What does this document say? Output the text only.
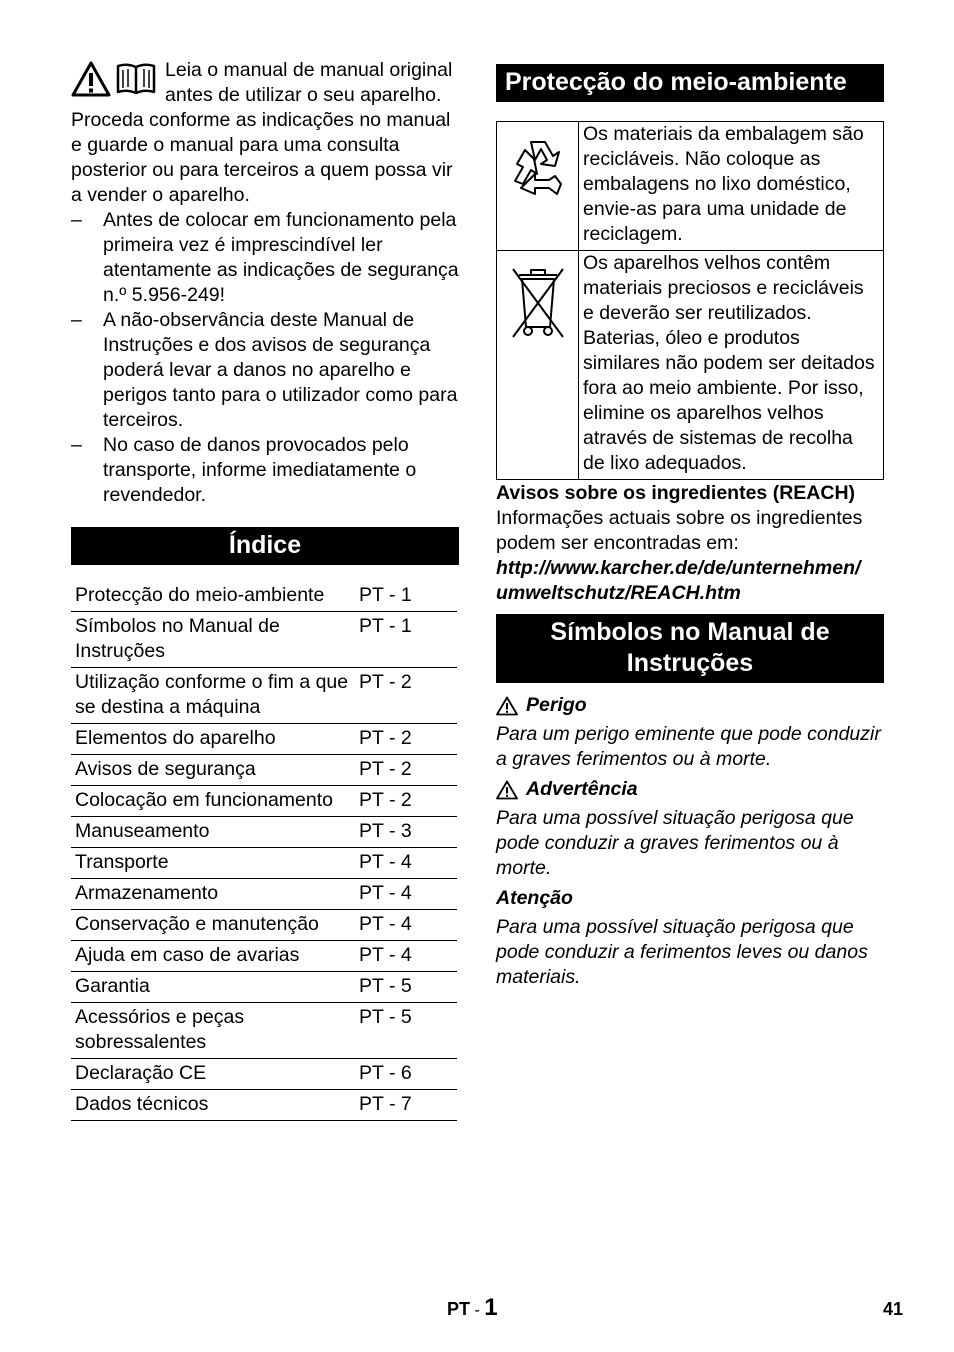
Leia o manual de manual original antes de utilizar o seu aparelho. Proceda conforme as indicações no manual e guarde o manual para uma consulta posterior ou para terceiros a quem possa vir a vender o aparelho.

– Antes de colocar em funcionamento pela primeira vez é imprescindível ler atentamente as indicações de segurança n.º 5.956-249!
– A não-observância deste Manual de Instruções e dos avisos de segurança poderá levar a danos no aparelho e perigos tanto para o utilizador como para terceiros.
– No caso de danos provocados pelo transporte, informe imediatamente o revendedor.
Índice
Protecção do meio-ambiente	PT - 1
Símbolos no Manual de Instruções	PT - 1
Utilização conforme o fim a que se destina a máquina	PT - 2
Elementos do aparelho	PT - 2
Avisos de segurança	PT - 2
Colocação em funcionamento	PT - 2
Manuseamento	PT - 3
Transporte	PT - 4
Armazenamento	PT - 4
Conservação e manutenção	PT - 4
Ajuda em caso de avarias	PT - 4
Garantia	PT - 5
Acessórios e peças sobressalentes	PT - 5
Declaração CE	PT - 6
Dados técnicos	PT - 7
Protecção do meio-ambiente
	Os materiais da embalagem são recicláveis. Não coloque as embalagens no lixo doméstico, envie-as para uma unidade de reciclagem.

	Os aparelhos velhos contêm materiais preciosos e recicláveis e deverão ser reutilizados. Baterias, óleo e produtos similares não podem ser deitados fora ao meio ambiente. Por isso, elimine os aparelhos velhos através de sistemas de recolha de lixo adequados.
Avisos sobre os ingredientes (REACH)
Informações actuais sobre os ingredientes podem ser encontradas em:
http://www.karcher.de/de/unternehmen/
umweltschutz/REACH.htm
Símbolos no Manual de
Instruções
Perigo
Para um perigo eminente que pode conduzir a graves ferimentos ou à morte.
Advertência
Para uma possível situação perigosa que pode conduzir a graves ferimentos ou à morte.
Atenção
Para uma possível situação perigosa que pode conduzir a ferimentos leves ou danos materiais.
PT - 1	41
